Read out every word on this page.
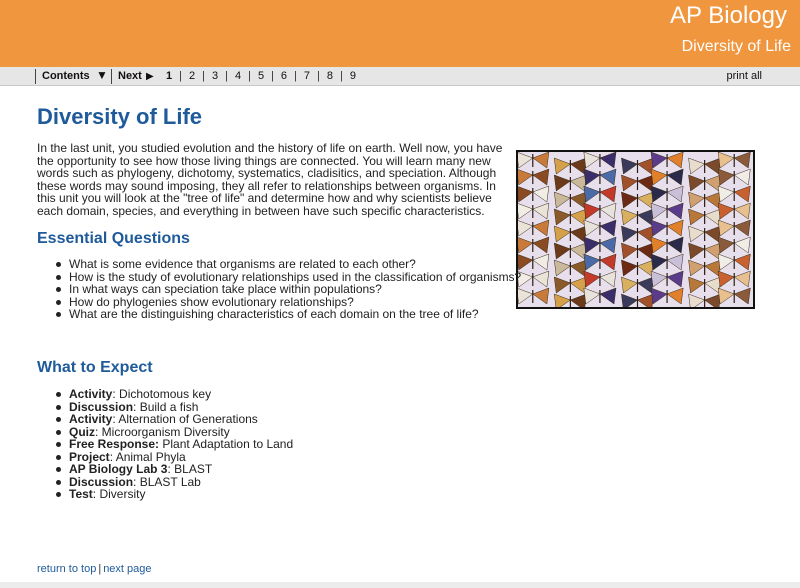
AP Biology
Diversity of Life
Contents ▼ Next ▶ 1 | 2 | 3 | 4 | 5 | 6 | 7 | 8 | 9	print all
Diversity of Life

In the last unit, you studied evolution and the history of life on earth. Well now, you have the opportunity to see how those living things are connected. You will learn many new words such as phylogeny, dichotomy, systematics, cladisitics, and speciation. Although these words may sound imposing, they all refer to relationships between organisms. In this unit you will look at the "tree of life" and determine how and why scientists believe each domain, species, and everything in between have such specific characteristics.

Essential Questions
What is some evidence that organisms are related to each other?
How is the study of evolutionary relationships used in the classification of organisms?
In what ways can speciation take place within populations?
How do phylogenies show evolutionary relationships?
What are the distinguishing characteristics of each domain on the tree of life?
What to Expect
Activity: Dichotomous key
Discussion: Build a fish
Activity: Alternation of Generations
Quiz: Microorganism Diversity
Free Response: Plant Adaptation to Land
Project: Animal Phyla
AP Biology Lab 3: BLAST
Discussion: BLAST Lab
Test: Diversity
return to top | next page
